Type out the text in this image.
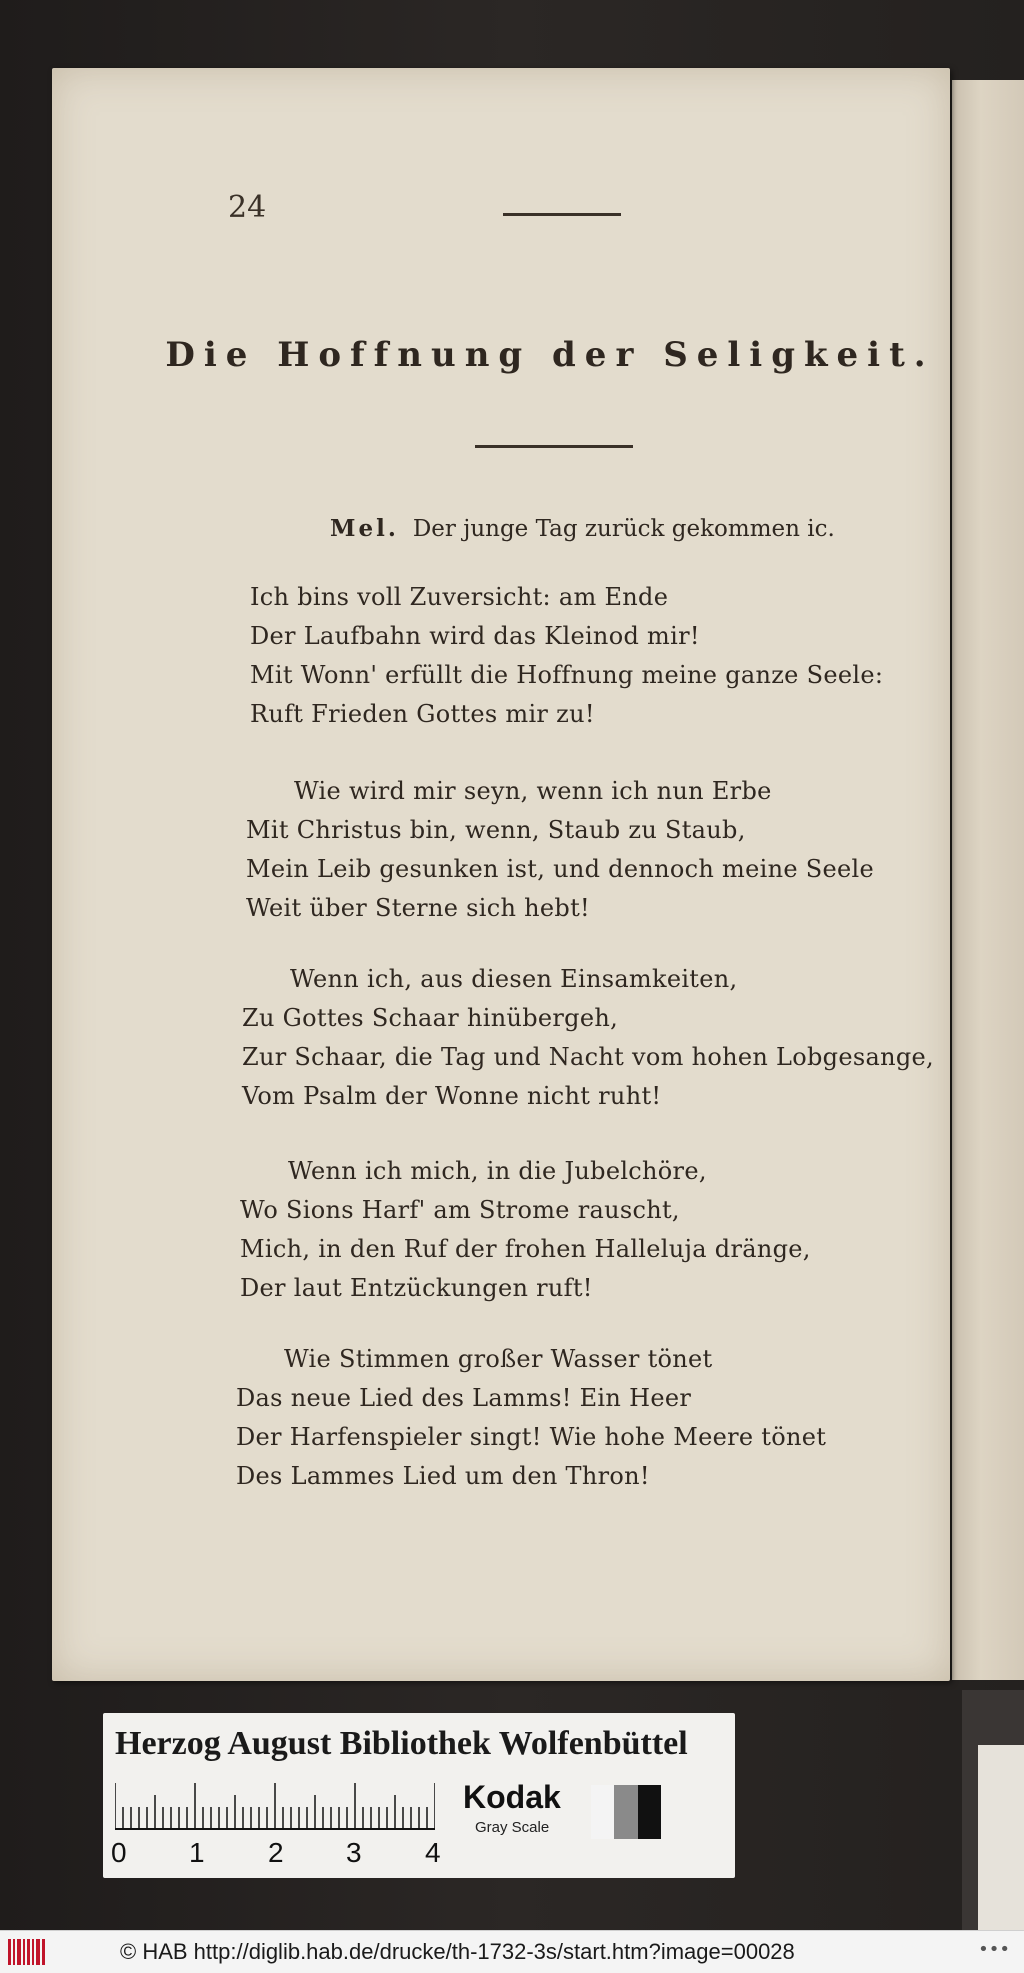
24
Die Hoffnung der Seligkeit.
Mel. Der junge Tag zurück gekommen ic.
Ich bins voll Zuversicht: am Ende
Der Laufbahn wird das Kleinod mir!
Mit Wonn' erfüllt die Hoffnung meine ganze Seele:
Ruft Frieden Gottes mir zu!
Wie wird mir seyn, wenn ich nun Erbe
Mit Christus bin, wenn, Staub zu Staub,
Mein Leib gesunken ist, und dennoch meine Seele
Weit über Sterne sich hebt!
Wenn ich, aus diesen Einsamkeiten,
Zu Gottes Schaar hinübergeh,
Zur Schaar, die Tag und Nacht vom hohen Lobgesange,
Vom Psalm der Wonne nicht ruht!
Wenn ich mich, in die Jubelchöre,
Wo Sions Harf' am Strome rauscht,
Mich, in den Ruf der frohen Halleluja dränge,
Der laut Entzückungen ruft!
Wie Stimmen großer Wasser tönet
Das neue Lied des Lamms! Ein Heer
Der Harfenspieler singt! Wie hohe Meere tönet
Des Lammes Lied um den Thron!
Herzog August Bibliothek Wolfenbüttel
0 1 2 3 4
Kodak
Gray Scale
© HAB http://diglib.hab.de/drucke/th-1732-3s/start.htm?image=00028	•••
